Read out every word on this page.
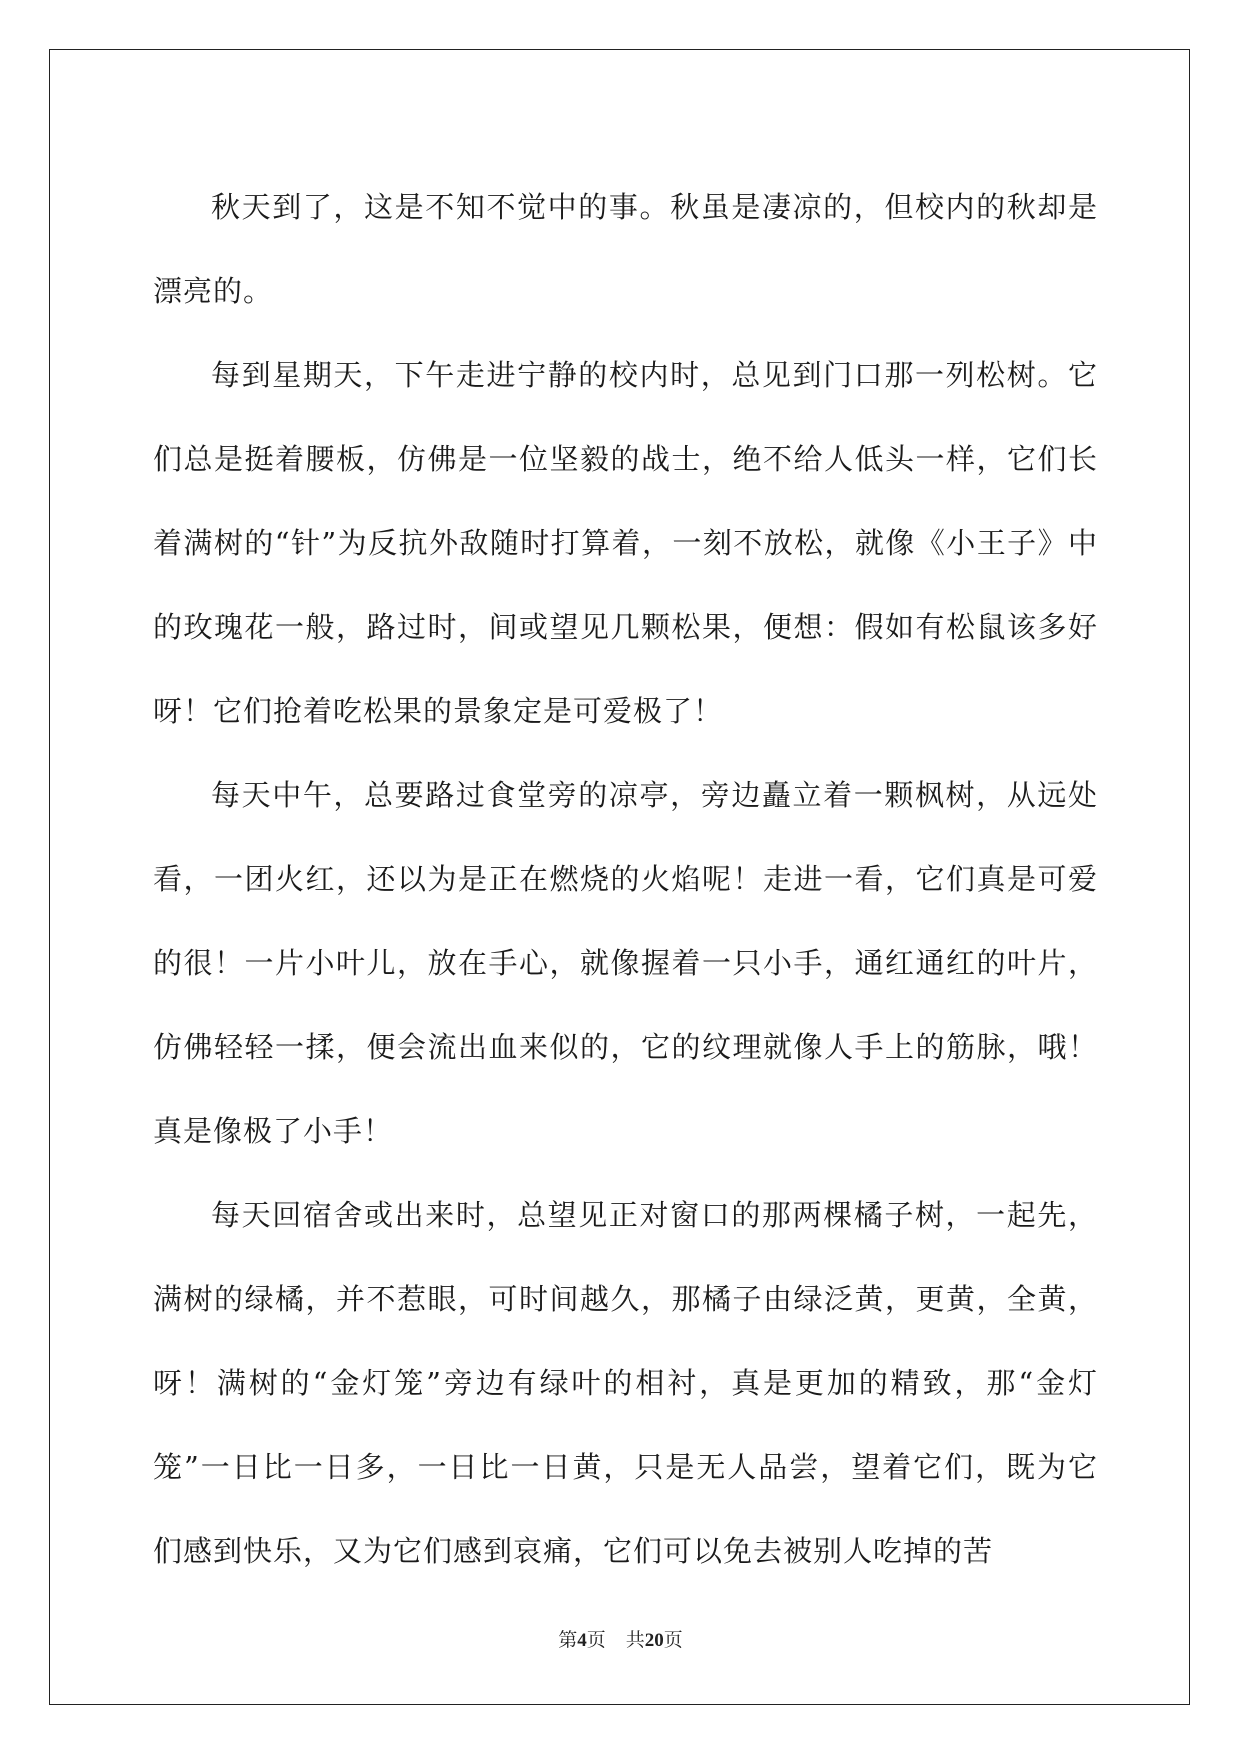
秋天到了，这是不知不觉中的事。秋虽是凄凉的，但校内的秋却是漂亮的。

每到星期天，下午走进宁静的校内时，总见到门口那一列松树。它们总是挺着腰板，仿佛是一位坚毅的战士，绝不给人低头一样，它们长着满树的“针”为反抗外敌随时打算着，一刻不放松，就像《小王子》中的玫瑰花一般，路过时，间或望见几颗松果，便想：假如有松鼠该多好呀！它们抢着吃松果的景象定是可爱极了！

每天中午，总要路过食堂旁的凉亭，旁边矗立着一颗枫树，从远处看，一团火红，还以为是正在燃烧的火焰呢！走进一看，它们真是可爱的很！一片小叶儿，放在手心，就像握着一只小手，通红通红的叶片，仿佛轻轻一揉，便会流出血来似的，它的纹理就像人手上的筋脉，哦！真是像极了小手！

每天回宿舍或出来时，总望见正对窗口的那两棵橘子树，一起先，满树的绿橘，并不惹眼，可时间越久，那橘子由绿泛黄，更黄，全黄，呀！满树的“金灯笼”旁边有绿叶的相衬，真是更加的精致，那“金灯笼”一日比一日多，一日比一日黄，只是无人品尝，望着它们，既为它们感到快乐，又为它们感到哀痛，它们可以免去被别人吃掉的苦

第4页 共20页
